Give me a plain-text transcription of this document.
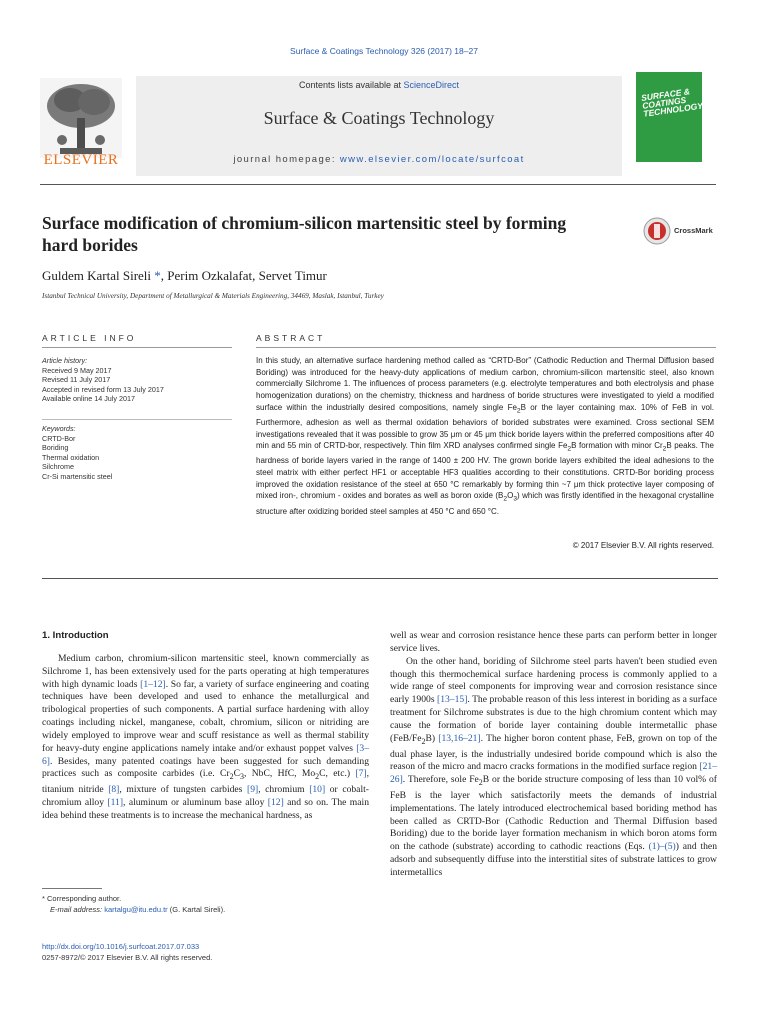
Surface & Coatings Technology 326 (2017) 18–27
ELSEVIER
Contents lists available at ScienceDirect
Surface & Coatings Technology
journal homepage: www.elsevier.com/locate/surfcoat
SURFACE & COATINGS TECHNOLOGY
Surface modification of chromium-silicon martensitic steel by forming hard borides
CrossMark
Guldem Kartal Sireli *, Perim Ozkalafat, Servet Timur
Istanbul Technical University, Department of Metallurgical & Materials Engineering, 34469, Maslak, Istanbul, Turkey
ARTICLE INFO	ABSTRACT
Article history:
Received 9 May 2017
Revised 11 July 2017
Accepted in revised form 13 July 2017
Available online 14 July 2017
Keywords:
CRTD-Bor
Boriding
Thermal oxidation
Silchrome
Cr-Si martensitic steel
In this study, an alternative surface hardening method called as “CRTD-Bor” (Cathodic Reduction and Thermal Diffusion based Boriding) was introduced for the heavy-duty applications of medium carbon, chromium-silicon martensitic steel, also known commercially Silchrome 1. The influences of process parameters (e.g. electrolyte temperatures and both electrolysis and phase homogenization durations) on the chemistry, thickness and hardness of boride structures were investigated to yield a modified surface within the industrially desired compositions, namely single $Fe_2B$ or the layer containing max. 10% of FeB in vol. Furthermore, adhesion as well as thermal oxidation behaviors of borided substrates were examined. Cross sectional SEM investigations revealed that it was possible to grow 35 μm or 45 μm thick boride layers within the preferred compositions after 40 min and 55 min of CRTD-bor, respectively. Thin film XRD analyses confirmed single $Fe_2B$ formation with minor $Cr_2B$ peaks. The hardness of boride layers varied in the range of 1400 ± 200 HV. The grown boride layers exhibited the ideal adhesions to the steel matrix with either perfect HF1 or acceptable HF3 qualities according to their constitutions. CRTD-Bor boriding process improved the oxidation resistance of the steel at 650 °C remarkably by forming thin ~7 μm thick protective layer composing of mixed iron-, chromium - oxides and borates as well as boron oxide $(B_2O_3)$ which was firstly identified in the hexagonal crystalline structure after oxidizing borided steel samples at 450 °C and 650 °C.
© 2017 Elsevier B.V. All rights reserved.
1. Introduction

Medium carbon, chromium-silicon martensitic steel, known commercially as Silchrome 1, has been extensively used for the parts operating at high temperatures with high dynamic loads [1–12]. So far, a variety of surface engineering and coating techniques have been developed and used to enhance the metallurgical and tribological properties of such components. A partial surface hardening with alloy coatings including nickel, manganese, cobalt, chromium, silicon or nitriding are widely employed to improve wear and scuff resistance as well as thermal stability for heavy-duty engine applications namely intake and/or exhaust poppet valves [3–6]. Besides, many patented coatings have been suggested for such demanding practices such as composite carbides (i.e. $Cr_2C_3$, NbC, HfC, $Mo_2C$, etc.) [7], titanium nitride [8], mixture of tungsten carbides [9], chromium [10] or cobalt-chromium alloy [11], aluminum or aluminum base alloy [12] and so on. The main idea behind these treatments is to increase the mechanical hardness, as

well as wear and corrosion resistance hence these parts can perform better in longer service lives.

On the other hand, boriding of Silchrome steel parts haven't been studied even though this thermochemical surface hardening process is commonly applied to a wide range of steel components for improving wear and corrosion resistance since early 1900s [13–15]. The probable reason of this less interest in boriding as a surface treatment for Silchrome substrates is due to the high chromium content which may cause the formation of boride layer containing double intermetallic phase $(FeB/Fe_2B)$ [13,16–21]. The higher boron content phase, FeB, grown on top of the dual phase layer, is the industrially undesired boride compound which is also the reason of the micro and macro cracks formations in the modified surface region [21–26]. Therefore, sole $Fe_2B$ or the boride structure composing of less than 10 vol% of FeB is the layer which satisfactorily meets the demands of industrial implementations. The lately introduced electrochemical based boriding method has been called as CRTD-Bor (Cathodic Reduction and Thermal Diffusion based Boriding) due to the boride layer formation mechanism in which boron atoms form on the cathode (substrate) according to cathodic reactions (Eqs. (1)–(5)) and then adsorb and subsequently diffuse into the interstitial sites of substrate lattices to grow intermetallics

* Corresponding author.
E-mail address: kartalgu@itu.edu.tr (G. Kartal Sireli).
http://dx.doi.org/10.1016/j.surfcoat.2017.07.033
0257-8972/© 2017 Elsevier B.V. All rights reserved.
